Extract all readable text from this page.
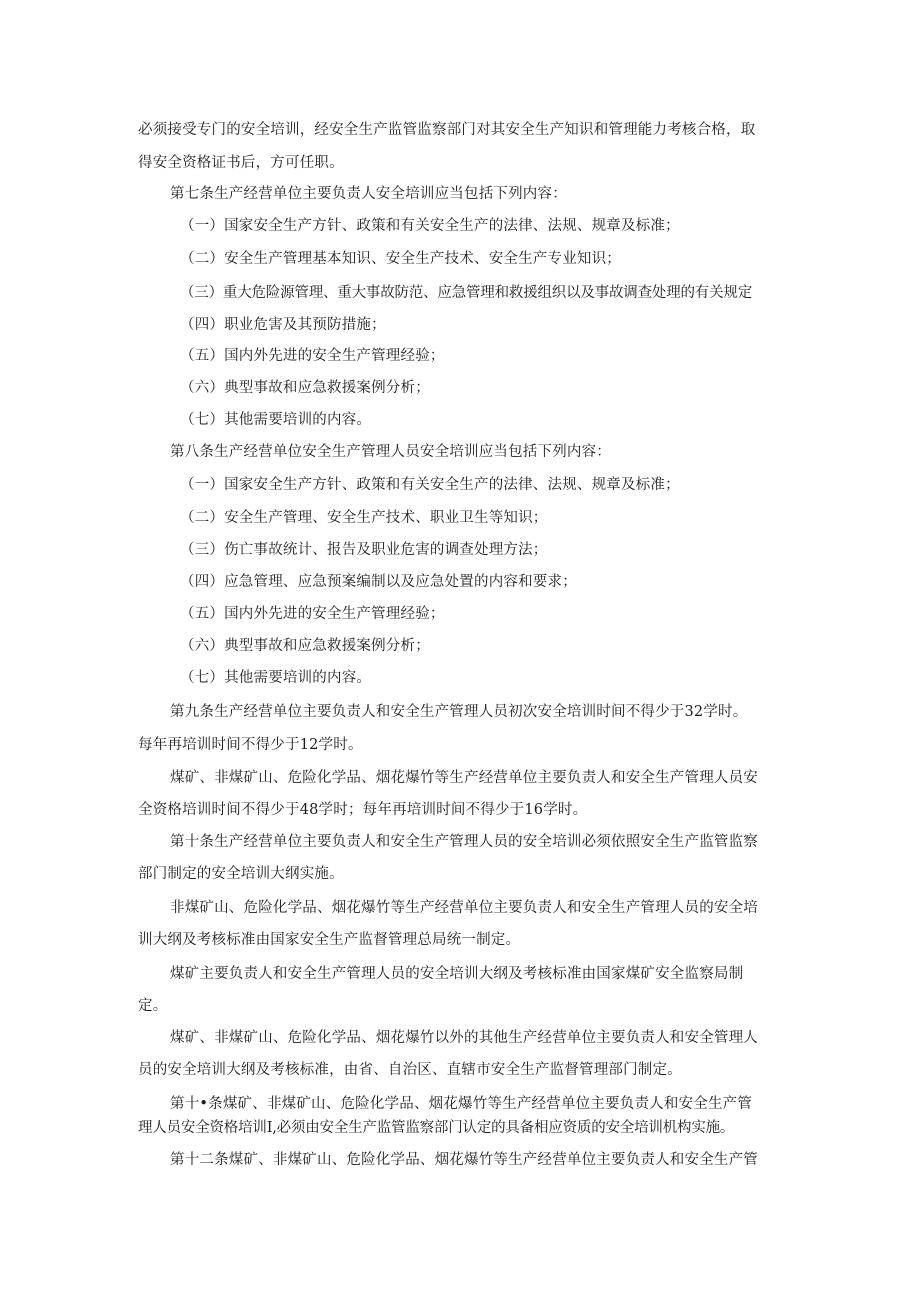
必须接受专门的安全培训，经安全生产监管监察部门对其安全生产知识和管理能力考核合格，取
得安全资格证书后，方可任职。
第七条生产经营单位主要负责人安全培训应当包括下列内容：
（一）国家安全生产方针、政策和有关安全生产的法律、法规、规章及标准；
（二）安全生产管理基本知识、安全生产技术、安全生产专业知识；
（三）重大危险源管理、重大事故防范、应急管理和救援组织以及事故调查处理的有关规定
（四）职业危害及其预防措施；
（五）国内外先进的安全生产管理经验；
（六）典型事故和应急救援案例分析；
（七）其他需要培训的内容。
第八条生产经营单位安全生产管理人员安全培训应当包括下列内容：
（一）国家安全生产方针、政策和有关安全生产的法律、法规、规章及标准；
（二）安全生产管理、安全生产技术、职业卫生等知识；
（三）伤亡事故统计、报告及职业危害的调查处理方法；
（四）应急管理、应急预案编制以及应急处置的内容和要求；
（五）国内外先进的安全生产管理经验；
（六）典型事故和应急救援案例分析；
（七）其他需要培训的内容。
第九条生产经营单位主要负责人和安全生产管理人员初次安全培训时间不得少于32学时。
每年再培训时间不得少于12学时。
煤矿、非煤矿山、危险化学品、烟花爆竹等生产经营单位主要负责人和安全生产管理人员安
全资格培训时间不得少于48学时；每年再培训时间不得少于16学时。
第十条生产经营单位主要负责人和安全生产管理人员的安全培训必须依照安全生产监管监察
部门制定的安全培训大纲实施。
非煤矿山、危险化学品、烟花爆竹等生产经营单位主要负责人和安全生产管理人员的安全培
训大纲及考核标准由国家安全生产监督管理总局统一制定。
煤矿主要负责人和安全生产管理人员的安全培训大纲及考核标准由国家煤矿安全监察局制
定。
煤矿、非煤矿山、危险化学品、烟花爆竹以外的其他生产经营单位主要负责人和安全管理人
员的安全培训大纲及考核标准，由省、自治区、直辖市安全生产监督管理部门制定。
第十•条煤矿、非煤矿山、危险化学品、烟花爆竹等生产经营单位主要负责人和安全生产管
理人员安全资格培训I,必须由安全生产监管监察部门认定的具备相应资质的安全培训机构实施。
第十二条煤矿、非煤矿山、危险化学品、烟花爆竹等生产经营单位主要负责人和安全生产管
